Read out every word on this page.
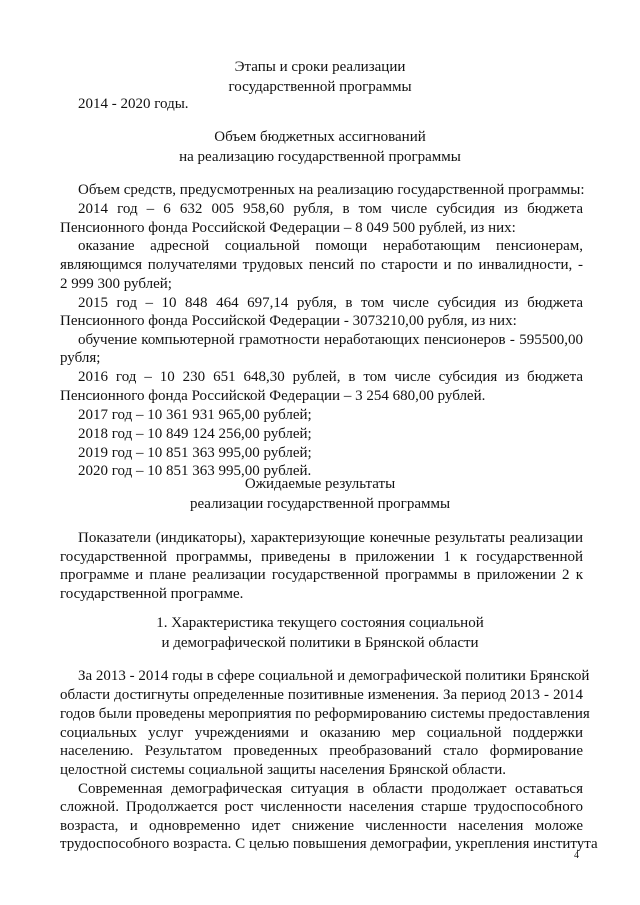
Этапы и сроки реализации

государственной программы

2014 - 2020 годы.

Объем бюджетных ассигнований

на реализацию государственной программы

Объем средств, предусмотренных на реализацию государственной программы:
2014 год – 6 632 005 958,60 рубля, в том числе субсидия из бюджета
Пенсионного фонда Российской Федерации – 8 049 500 рублей, из них:
оказание адресной социальной помощи неработающим пенсионерам,
являющимся получателями трудовых пенсий по старости и по инвалидности, -
2 999 300 рублей;
2015 год – 10 848 464 697,14 рубля, в том числе субсидия из бюджета
Пенсионного фонда Российской Федерации - 3073210,00 рубля, из них:
обучение компьютерной грамотности неработающих пенсионеров - 595500,00
рубля;
2016 год – 10 230 651 648,30 рублей, в том числе субсидия из бюджета
Пенсионного фонда Российской Федерации – 3 254 680,00 рублей.
2017 год – 10 361 931 965,00 рублей;
2018 год – 10 849 124 256,00 рублей;
2019 год – 10 851 363 995,00 рублей;
2020 год – 10 851 363 995,00 рублей.

Ожидаемые результаты

реализации государственной программы

Показатели (индикаторы), характеризующие конечные результаты реализации
государственной программы, приведены в приложении 1 к государственной
программе и плане реализации государственной программы в приложении 2 к
государственной программе.

1. Характеристика текущего состояния социальной

и демографической политики в Брянской области

За 2013 - 2014 годы в сфере социальной и демографической политики Брянской
области достигнуты определенные позитивные изменения. За период 2013 - 2014
годов были проведены мероприятия по реформированию системы предоставления
социальных услуг учреждениями и оказанию мер социальной поддержки
населению. Результатом проведенных преобразований стало формирование
целостной системы социальной защиты населения Брянской области.
Современная демографическая ситуация в области продолжает оставаться
сложной. Продолжается рост численности населения старше трудоспособного
возраста, и одновременно идет снижение численности населения моложе
трудоспособного возраста. С целью повышения демографии, укрепления института
4
